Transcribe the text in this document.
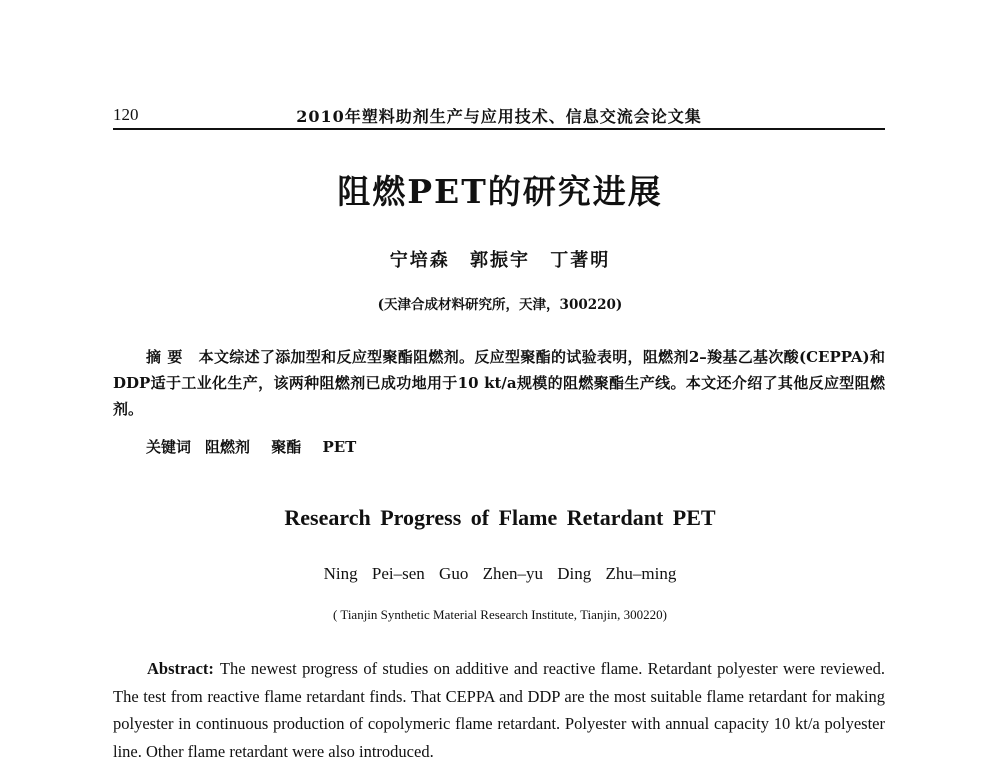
120	2010年塑料助剂生产与应用技术、信息交流会论文集
阻燃PET的研究进展
宁培森 郭振宇 丁著明
(天津合成材料研究所，天津，300220)
摘要 本文综述了添加型和反应型聚酯阻燃剂。反应型聚酯的试验表明，阻燃剂2–羧基乙基次酸(CEPPA)和DDP适于工业化生产，该两种阻燃剂已成功地用于10 kt/a规模的阻燃聚酯生产线。本文还介绍了其他反应型阻燃剂。
关键词 阻燃剂 聚酯 PET
Research Progress of Flame Retardant PET
Ning Pei–sen Guo Zhen–yu Ding Zhu–ming
( Tianjin Synthetic Material Research Institute, Tianjin, 300220)
Abstract: The newest progress of studies on additive and reactive flame. Retardant polyester were reviewed. The test from reactive flame retardant finds. That CEPPA and DDP are the most suitable flame retardant for making polyester in continuous production of copolymeric flame retardant. Polyester with annual capacity 10 kt/a polyester line. Other flame retardant were also introduced.
